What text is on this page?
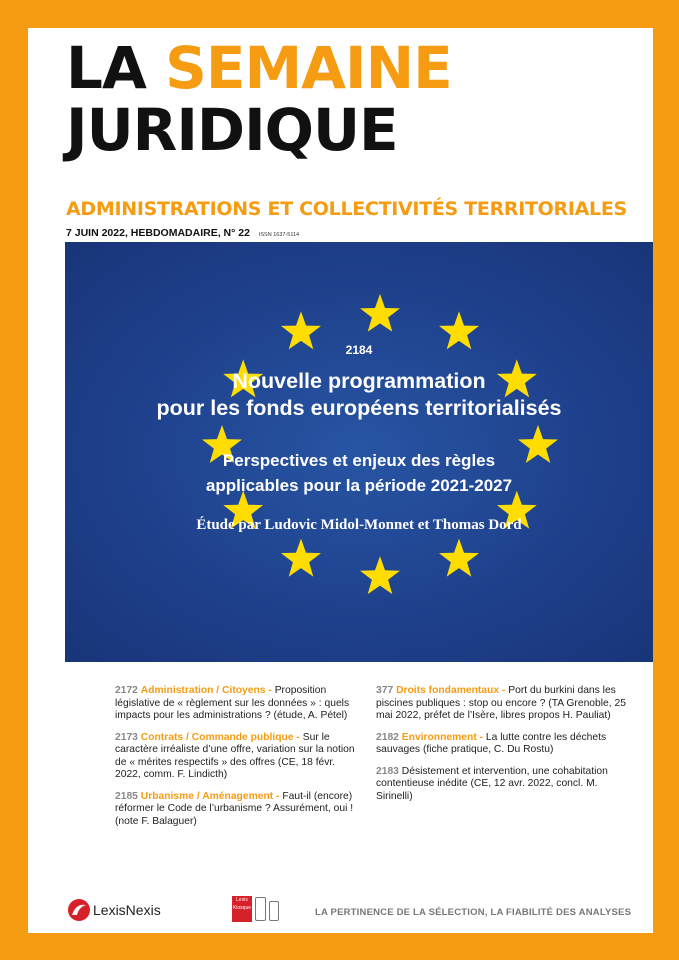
LA SEMAINE
JURIDIQUE
ADMINISTRATIONS ET COLLECTIVITÉS TERRITORIALES
7 JUIN 2022, HEBDOMADAIRE, N° 22 ISSN 1637-5114
2184
Nouvelle programmation
pour les fonds européens territorialisés
Perspectives et enjeux des règles
applicables pour la période 2021-2027
Étude par Ludovic Midol-Monnet et Thomas Dord
2172 Administration / Citoyens - Proposition législative de « règlement sur les données » : quels impacts pour les administrations ? (étude, A. Pétel)
2173 Contrats / Commande publique - Sur le caractère irréaliste d’une offre, variation sur la notion de « mérites respectifs » des offres (CE, 18 févr. 2022, comm. F. Lindicth)
2185 Urbanisme / Aménagement - Faut-il (encore) réformer le Code de l’urbanisme ? Assurément, oui ! (note F. Balaguer)
377 Droits fondamentaux - Port du burkini dans les piscines publiques : stop ou encore ? (TA Grenoble, 25 mai 2022, préfet de l’Isère, libres propos H. Pauliat)
2182 Environnement - La lutte contre les déchets sauvages (fiche pratique, C. Du Rostu)
2183 Désistement et intervention, une cohabitation contentieuse inédite (CE, 12 avr. 2022, concl. M. Sirinelli)
LexisNexis
Lexis Kiosque	LA PERTINENCE DE LA SÉLECTION, LA FIABILITÉ DES ANALYSES
